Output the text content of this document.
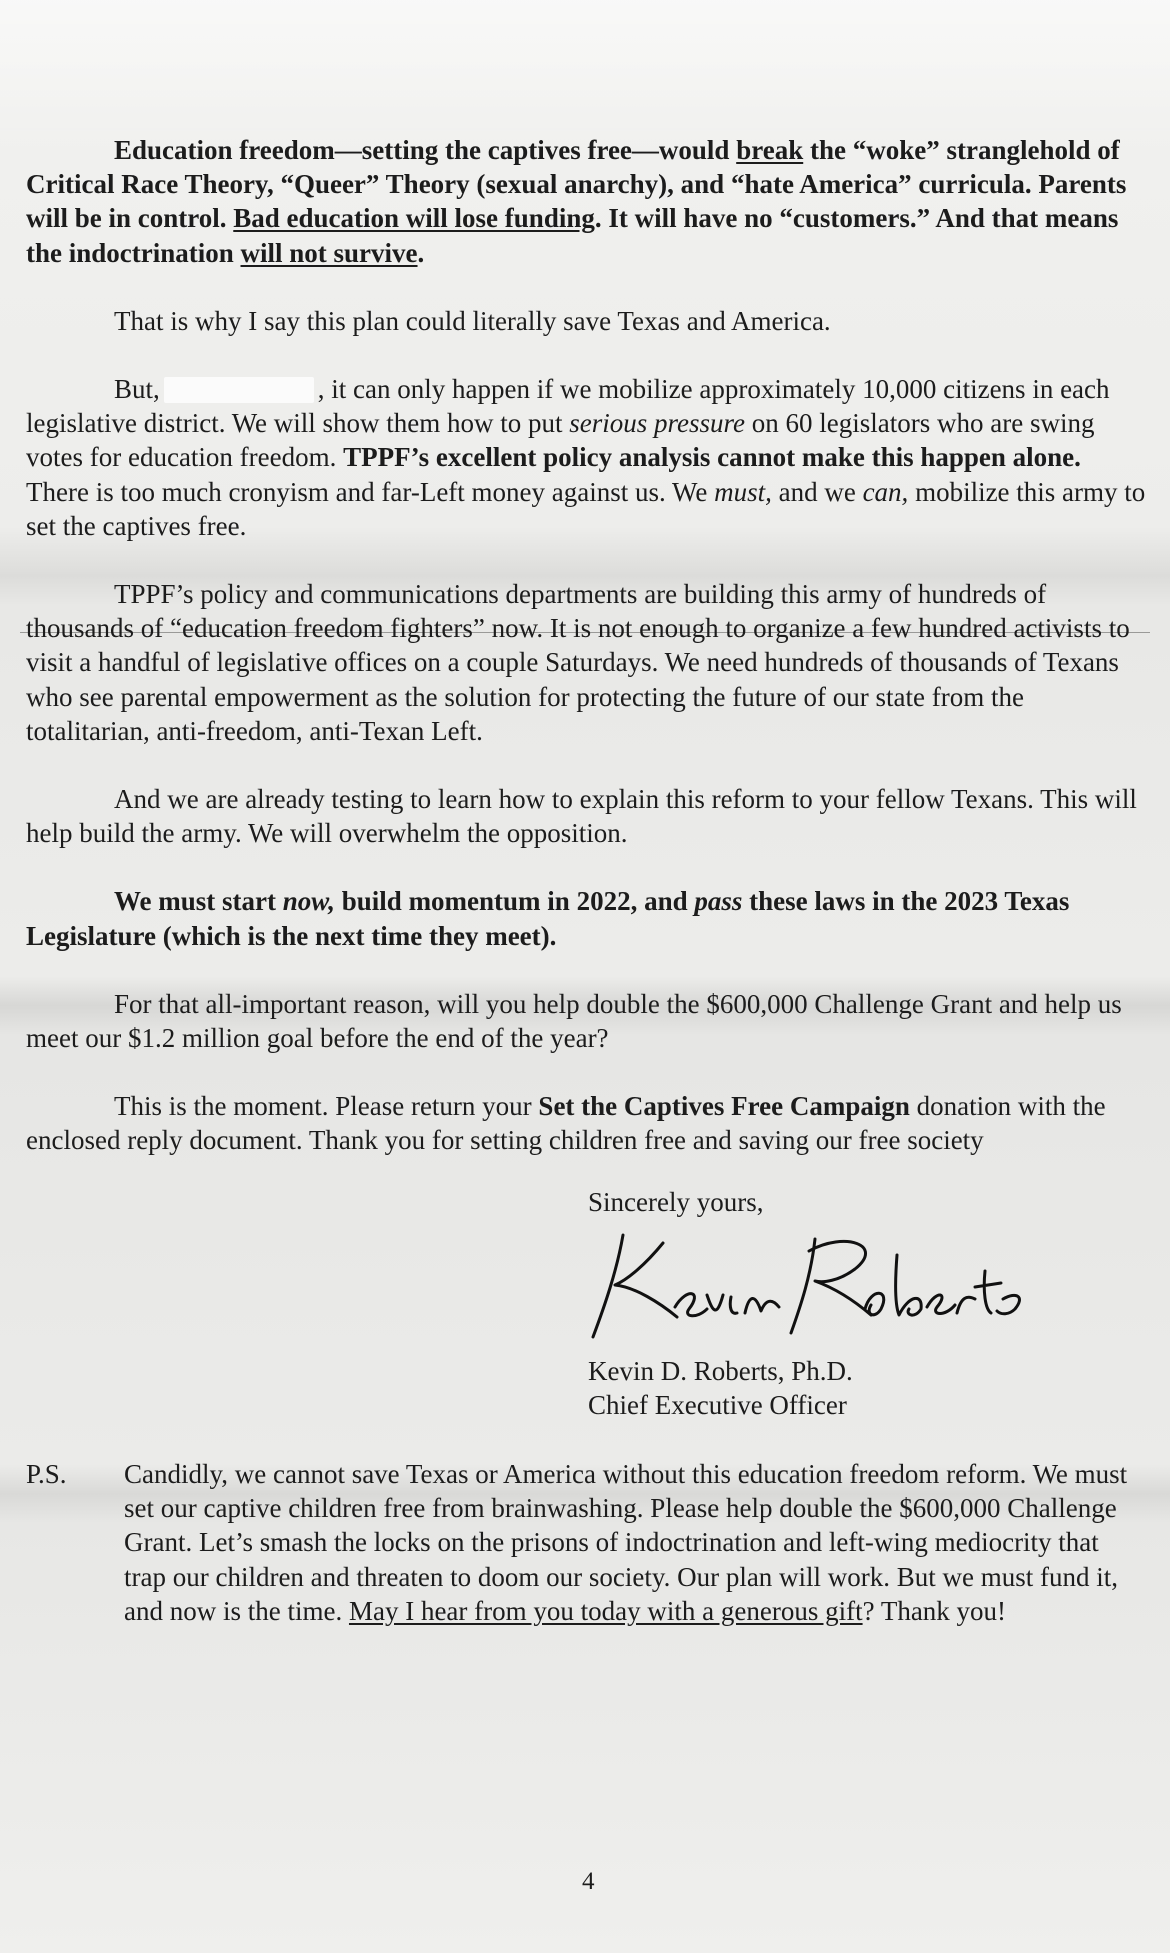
Education freedom—setting the captives free—would break the “woke” stranglehold of Critical Race Theory, “Queer” Theory (sexual anarchy), and “hate America” curricula. Parents will be in control. Bad education will lose funding. It will have no “customers.” And that means the indoctrination will not survive.

That is why I say this plan could literally save Texas and America.

But,	, it can only happen if we mobilize approximately 10,000 citizens in each legislative district. We will show them how to put serious pressure on 60 legislators who are swing votes for education freedom. TPPF’s excellent policy analysis cannot make this happen alone. There is too much cronyism and far-Left money against us. We must, and we can, mobilize this army to set the captives free.

TPPF’s policy and communications departments are building this army of hundreds of thousands of “education freedom fighters” now. It is not enough to organize a few hundred activists to visit a handful of legislative offices on a couple Saturdays. We need hundreds of thousands of Texans who see parental empowerment as the solution for protecting the future of our state from the totalitarian, anti-freedom, anti-Texan Left.

And we are already testing to learn how to explain this reform to your fellow Texans. This will help build the army. We will overwhelm the opposition.

We must start now, build momentum in 2022, and pass these laws in the 2023 Texas Legislature (which is the next time they meet).

For that all-important reason, will you help double the $600,000 Challenge Grant and help us meet our $1.2 million goal before the end of the year?

This is the moment. Please return your Set the Captives Free Campaign donation with the enclosed reply document. Thank you for setting children free and saving our free society

Sincerely yours,
Kevin D. Roberts, Ph.D.
Chief Executive Officer
P.S. Candidly, we cannot save Texas or America without this education freedom reform. We must set our captive children free from brainwashing. Please help double the $600,000 Challenge Grant. Let’s smash the locks on the prisons of indoctrination and left-wing mediocrity that trap our children and threaten to doom our society. Our plan will work. But we must fund it, and now is the time. May I hear from you today with a generous gift? Thank you!
4
